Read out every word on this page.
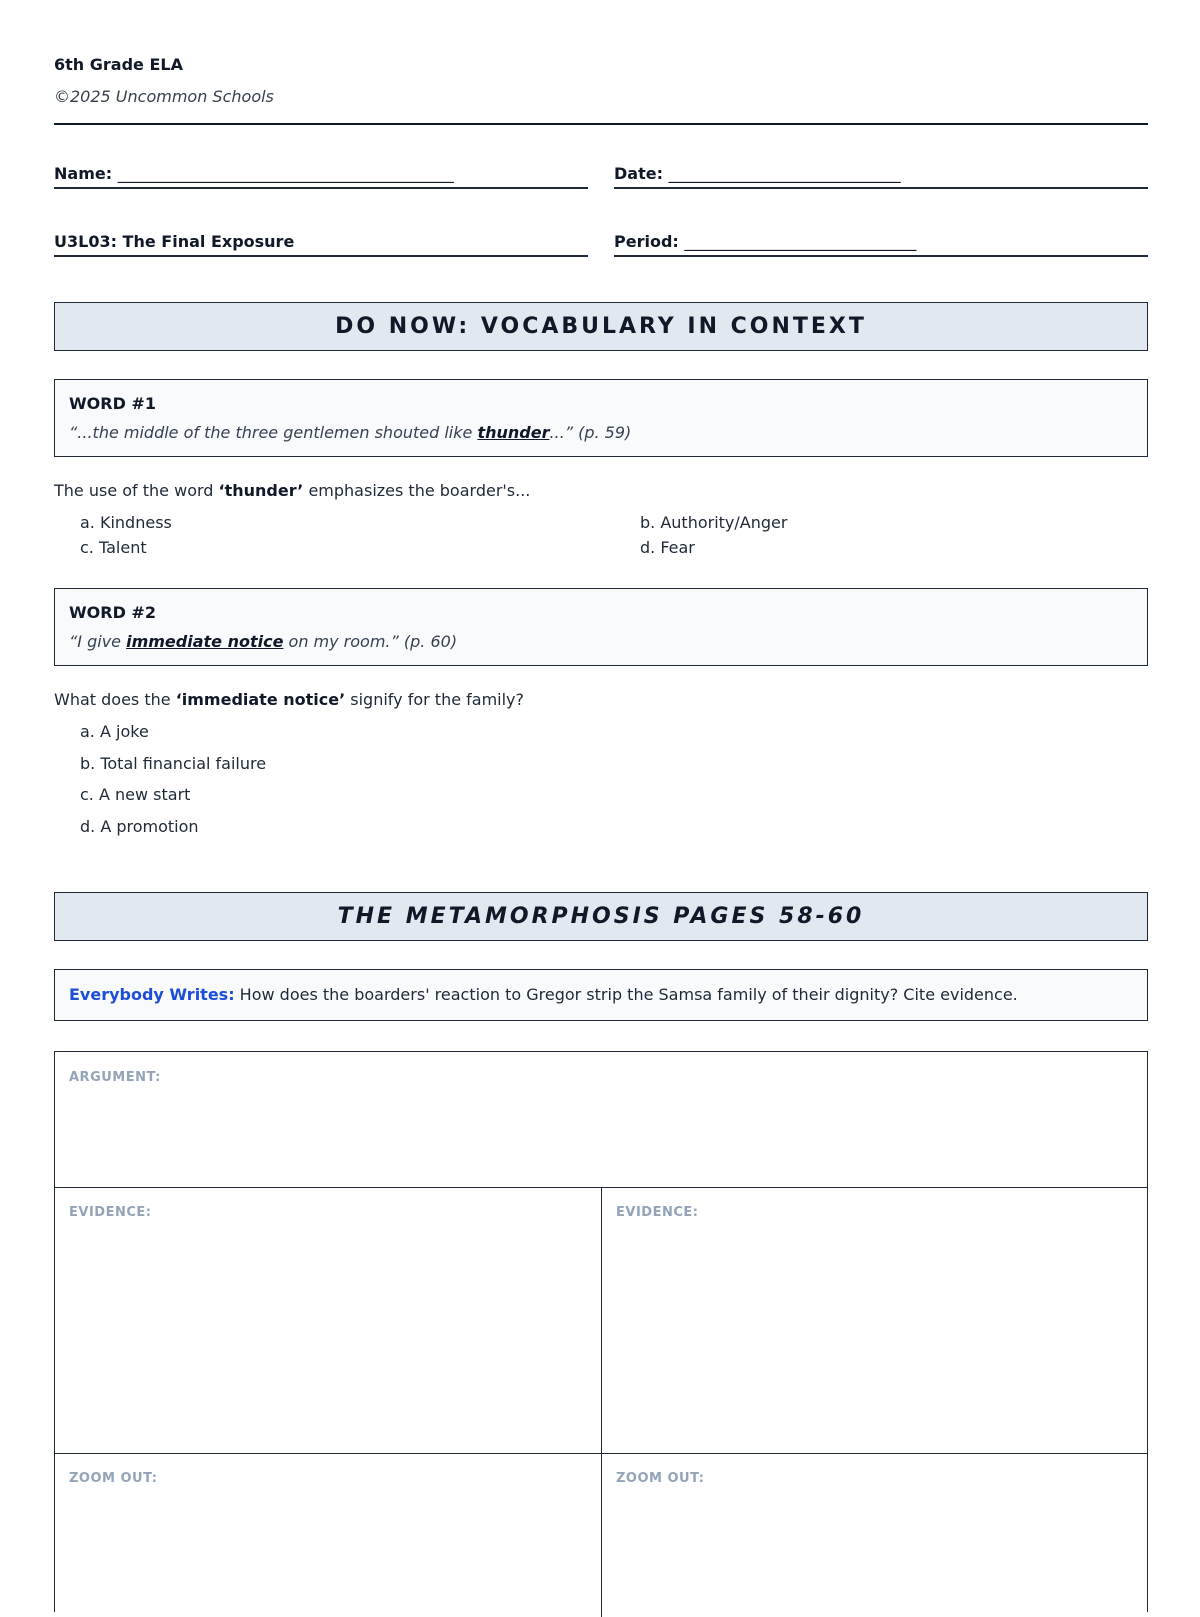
6th Grade ELA
©2025 Uncommon Schools
Name: __________________________________________	Date: _____________________________
U3L03: The Final Exposure	Period: _____________________________
DO NOW: VOCABULARY IN CONTEXT
WORD #1
“...the middle of the three gentlemen shouted like thunder...” (p. 59)
The use of the word ‘thunder’ emphasizes the boarder's...
a. Kindness	b. Authority/Anger
c. Talent	d. Fear
WORD #2
“I give immediate notice on my room.” (p. 60)
What does the ‘immediate notice’ signify for the family?
a. A joke
b. Total financial failure
c. A new start
d. A promotion
THE METAMORPHOSIS PAGES 58-60
Everybody Writes: How does the boarders' reaction to Gregor strip the Samsa family of their dignity? Cite evidence.
ARGUMENT:
EVIDENCE:	EVIDENCE:
ZOOM OUT:	ZOOM OUT:
